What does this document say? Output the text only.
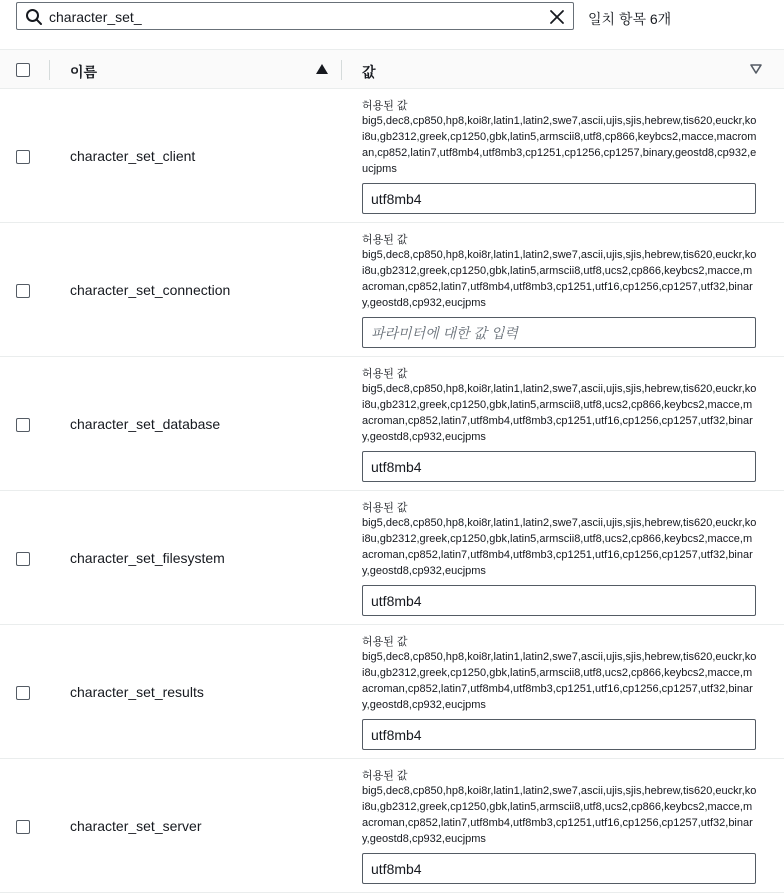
character_set_
일치 항목 6개
이름	값
character_set_client
허용된 값
big5,dec8,cp850,hp8,koi8r,latin1,latin2,swe7,ascii,ujis,sjis,hebrew,tis620,euckr,koi8u,gb2312,greek,cp1250,gbk,latin5,armscii8,utf8,cp866,keybcs2,macce,macroman,cp852,latin7,utf8mb4,utf8mb3,cp1251,cp1256,cp1257,binary,geostd8,cp932,eucjpms
utf8mb4
character_set_connection
허용된 값
big5,dec8,cp850,hp8,koi8r,latin1,latin2,swe7,ascii,ujis,sjis,hebrew,tis620,euckr,koi8u,gb2312,greek,cp1250,gbk,latin5,armscii8,utf8,ucs2,cp866,keybcs2,macce,macroman,cp852,latin7,utf8mb4,utf8mb3,cp1251,utf16,cp1256,cp1257,utf32,binary,geostd8,cp932,eucjpms
파라미터에 대한 값 입력
character_set_database
허용된 값
big5,dec8,cp850,hp8,koi8r,latin1,latin2,swe7,ascii,ujis,sjis,hebrew,tis620,euckr,koi8u,gb2312,greek,cp1250,gbk,latin5,armscii8,utf8,ucs2,cp866,keybcs2,macce,macroman,cp852,latin7,utf8mb4,utf8mb3,cp1251,utf16,cp1256,cp1257,utf32,binary,geostd8,cp932,eucjpms
utf8mb4
character_set_filesystem
허용된 값
big5,dec8,cp850,hp8,koi8r,latin1,latin2,swe7,ascii,ujis,sjis,hebrew,tis620,euckr,koi8u,gb2312,greek,cp1250,gbk,latin5,armscii8,utf8,ucs2,cp866,keybcs2,macce,macroman,cp852,latin7,utf8mb4,utf8mb3,cp1251,utf16,cp1256,cp1257,utf32,binary,geostd8,cp932,eucjpms
utf8mb4
character_set_results
허용된 값
big5,dec8,cp850,hp8,koi8r,latin1,latin2,swe7,ascii,ujis,sjis,hebrew,tis620,euckr,koi8u,gb2312,greek,cp1250,gbk,latin5,armscii8,utf8,ucs2,cp866,keybcs2,macce,macroman,cp852,latin7,utf8mb4,utf8mb3,cp1251,utf16,cp1256,cp1257,utf32,binary,geostd8,cp932,eucjpms
utf8mb4
character_set_server
허용된 값
big5,dec8,cp850,hp8,koi8r,latin1,latin2,swe7,ascii,ujis,sjis,hebrew,tis620,euckr,koi8u,gb2312,greek,cp1250,gbk,latin5,armscii8,utf8,ucs2,cp866,keybcs2,macce,macroman,cp852,latin7,utf8mb4,utf8mb3,cp1251,utf16,cp1256,cp1257,utf32,binary,geostd8,cp932,eucjpms
utf8mb4
